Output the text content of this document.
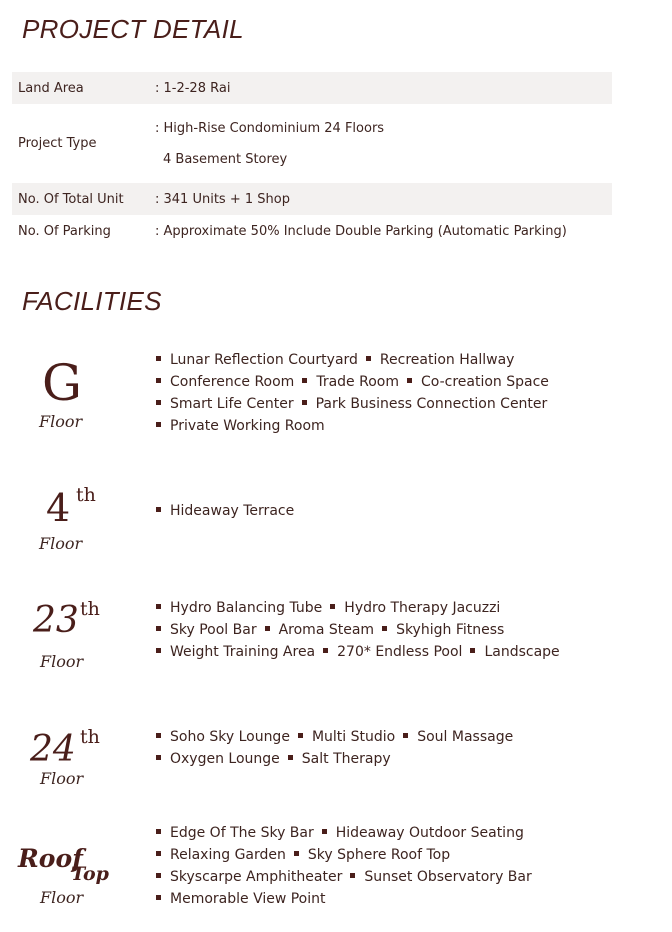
PROJECT DETAIL
Land Area	: 1-2-28 Rai
Project Type
: High-Rise Condominium 24 Floors
4 Basement Storey
No. Of Total Unit	: 341 Units + 1 Shop
No. Of Parking	: Approximate 50% Include Double Parking (Automatic Parking)
FACILITIES
G
Floor
Lunar Reflection Courtyard Recreation Hallway
Conference Room Trade Room Co-creation Space
Smart Life Center Park Business Connection Center
Private Working Room
4 th
Floor
Hideaway Terrace
23 th
Floor
Hydro Balancing Tube Hydro Therapy Jacuzzi
Sky Pool Bar Aroma Steam Skyhigh Fitness
Weight Training Area 270* Endless Pool Landscape
24 th
Floor
Soho Sky Lounge Multi Studio Soul Massage
Oxygen Lounge Salt Therapy
Roof
Top
Floor
Edge Of The Sky Bar Hideaway Outdoor Seating
Relaxing Garden Sky Sphere Roof Top
Skyscarpe Amphitheater Sunset Observatory Bar
Memorable View Point
